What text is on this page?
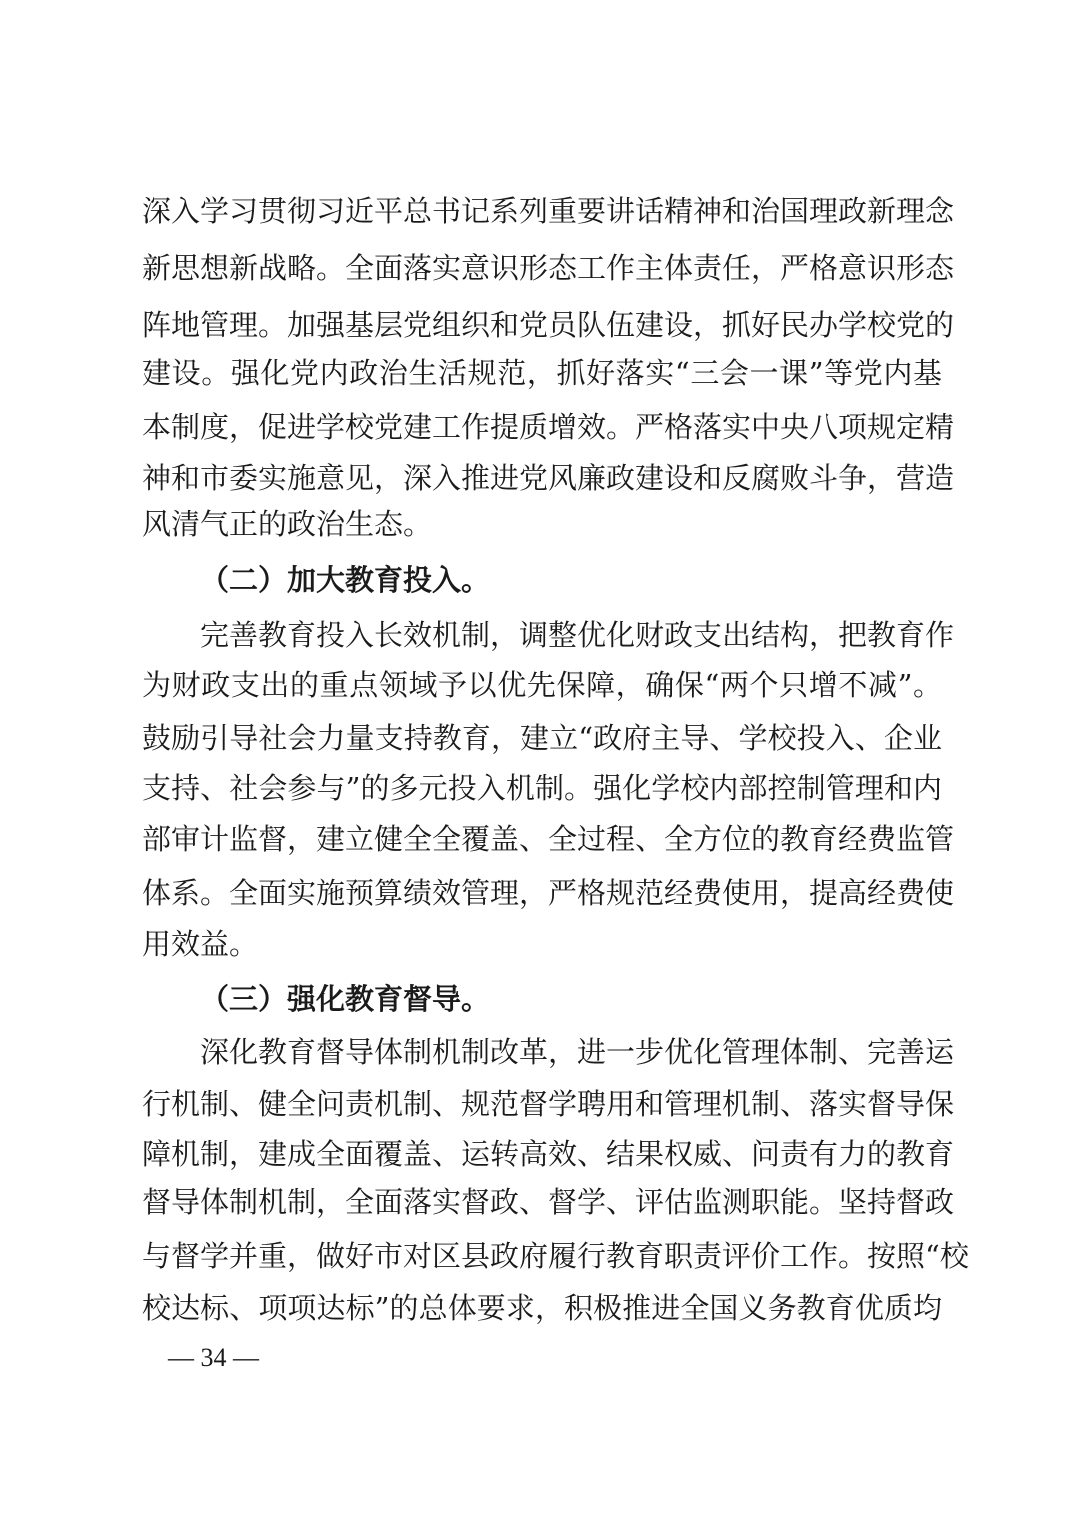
深入学习贯彻习近平总书记系列重要讲话精神和治国理政新理念
新思想新战略。全面落实意识形态工作主体责任，严格意识形态
阵地管理。加强基层党组织和党员队伍建设，抓好民办学校党的
建设。强化党内政治生活规范，抓好落实“三会一课”等党内基
本制度，促进学校党建工作提质增效。严格落实中央八项规定精
神和市委实施意见，深入推进党风廉政建设和反腐败斗争，营造
风清气正的政治生态。
（二）加大教育投入。
完善教育投入长效机制，调整优化财政支出结构，把教育作
为财政支出的重点领域予以优先保障，确保“两个只增不减”。
鼓励引导社会力量支持教育，建立“政府主导、学校投入、企业
支持、社会参与”的多元投入机制。强化学校内部控制管理和内
部审计监督，建立健全全覆盖、全过程、全方位的教育经费监管
体系。全面实施预算绩效管理，严格规范经费使用，提高经费使
用效益。
（三）强化教育督导。
深化教育督导体制机制改革，进一步优化管理体制、完善运
行机制、健全问责机制、规范督学聘用和管理机制、落实督导保
障机制，建成全面覆盖、运转高效、结果权威、问责有力的教育
督导体制机制，全面落实督政、督学、评估监测职能。坚持督政
与督学并重，做好市对区县政府履行教育职责评价工作。按照“校
校达标、项项达标”的总体要求，积极推进全国义务教育优质均
— 34 —
